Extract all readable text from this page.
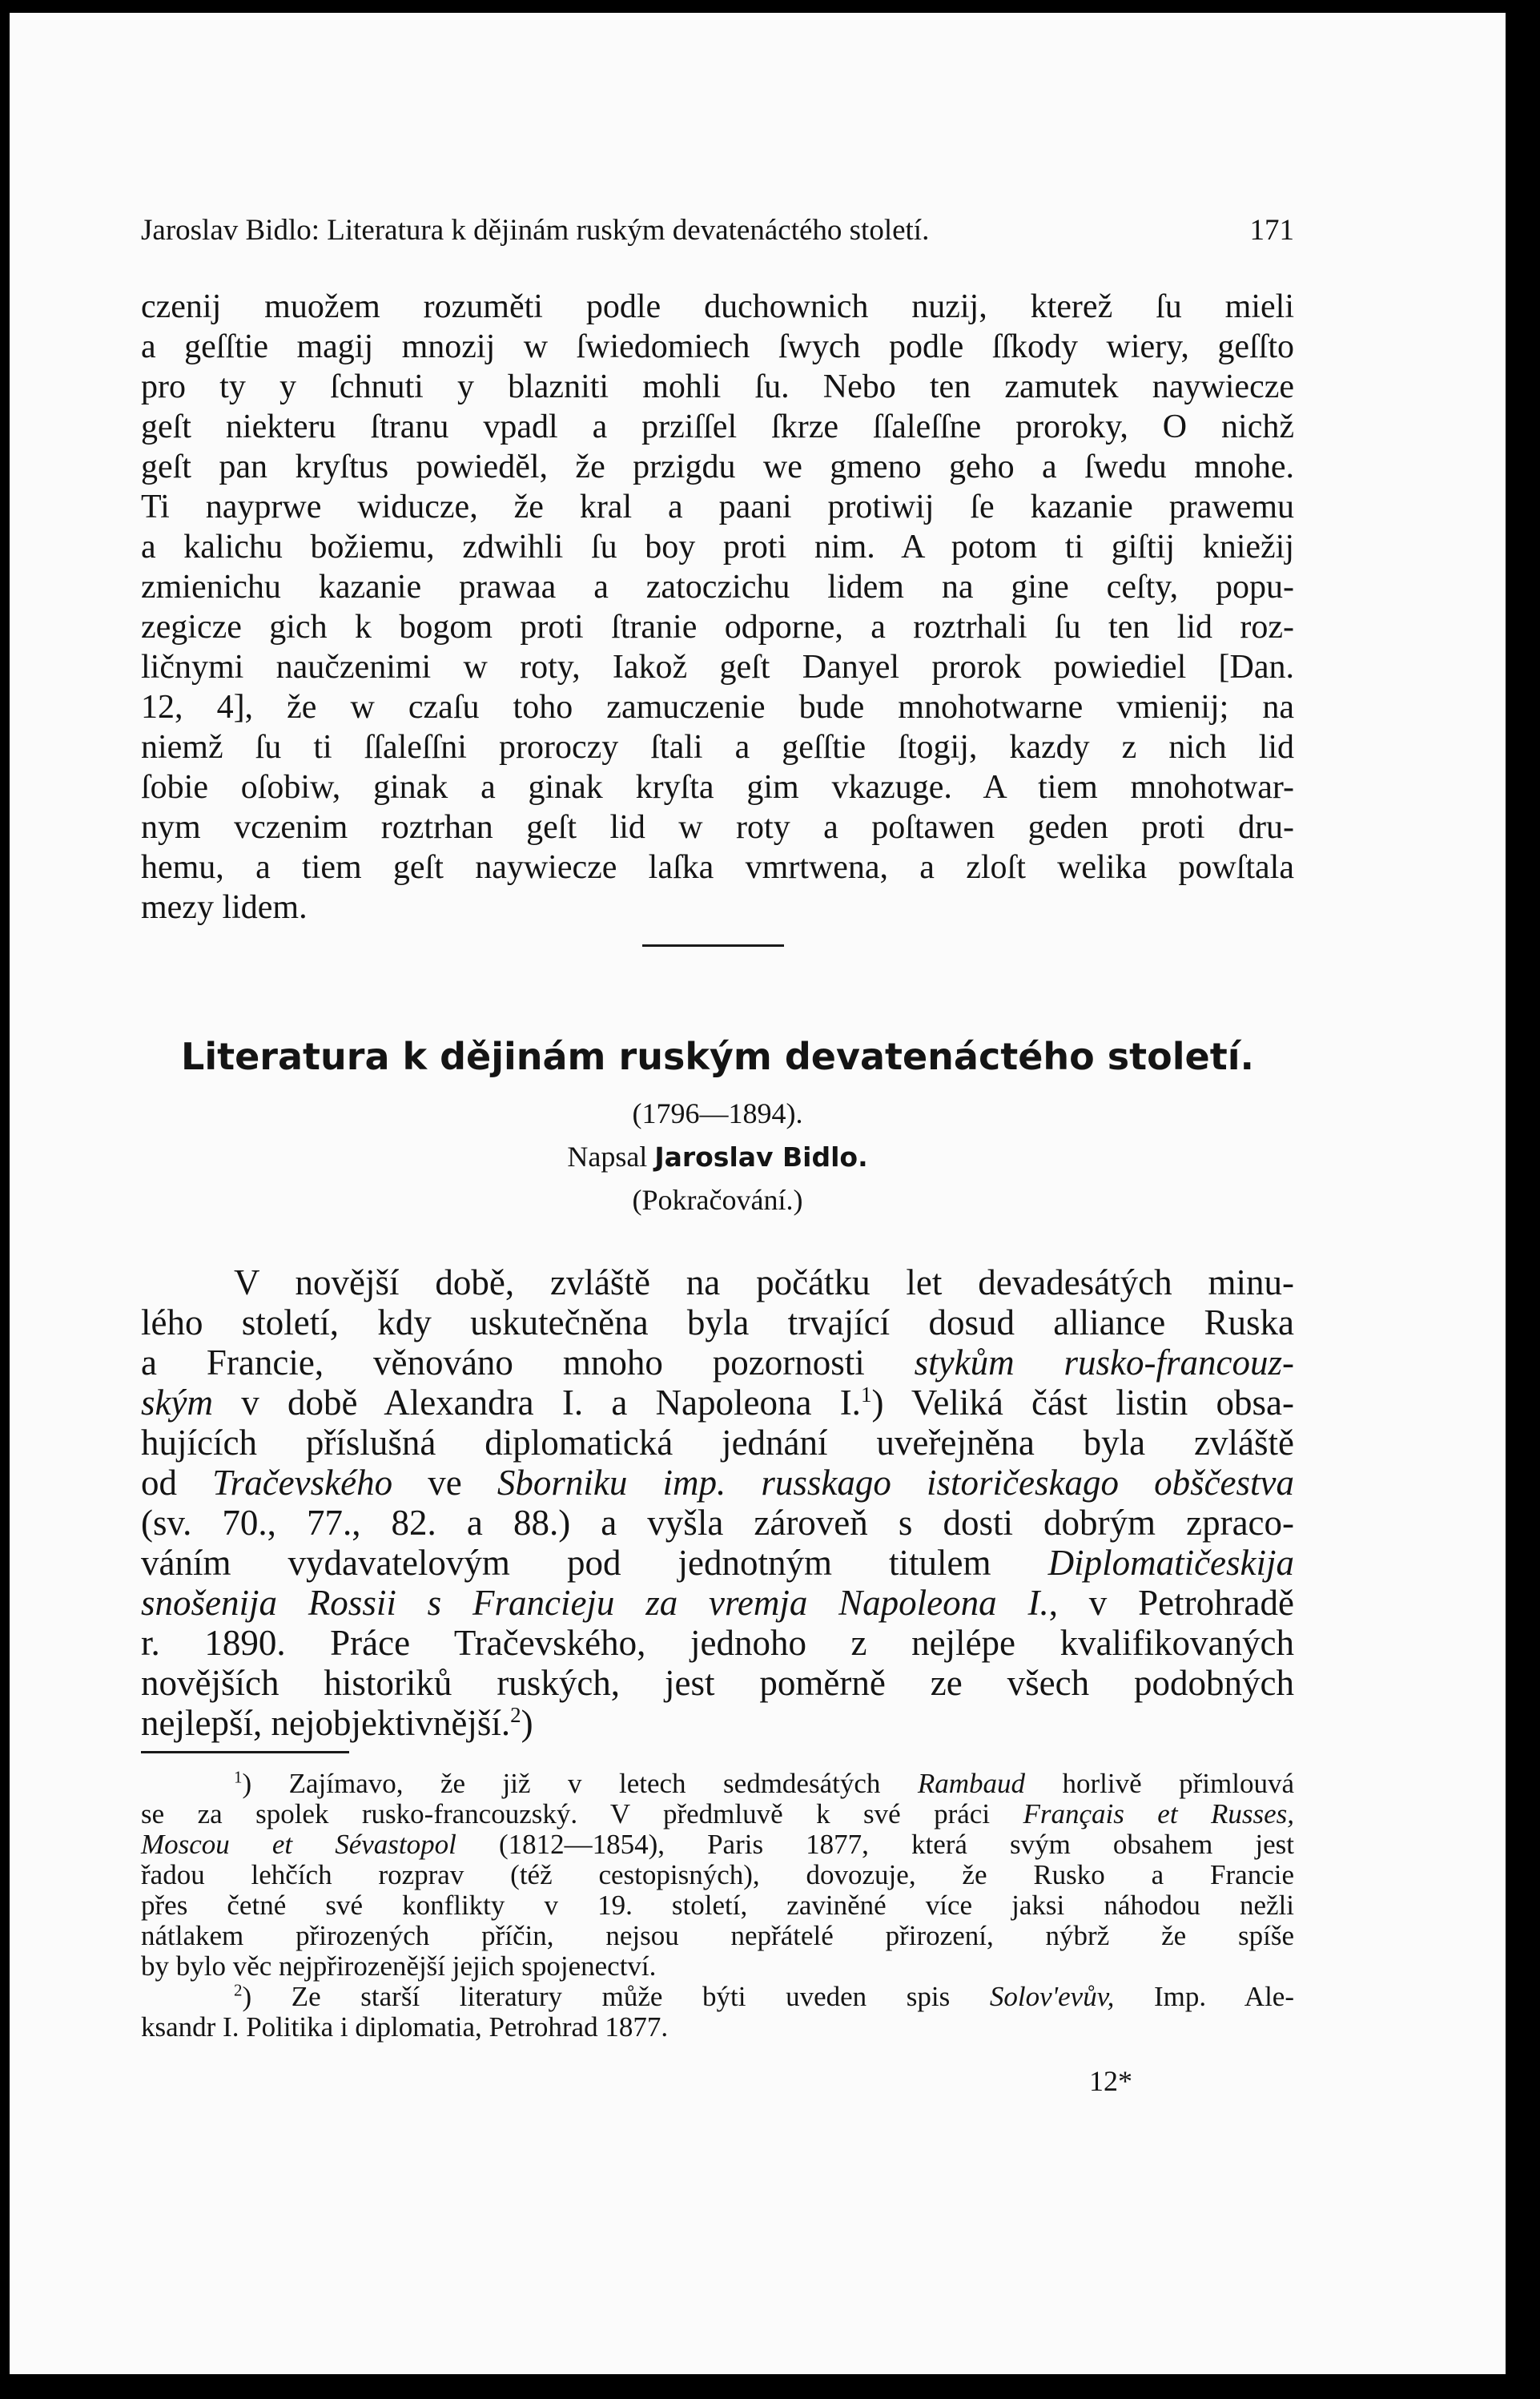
Jaroslav Bidlo: Literatura k dějinám ruským devatenáctého století.	171
czenij muožem rozuměti podle duchownich nuzij, kterež ſu mieli
a geſſtie magij mnozij w ſwiedomiech ſwych podle ſſkody wiery, geſſto
pro ty y ſchnuti y blazniti mohli ſu. Nebo ten zamutek naywiecze
geſt niekteru ſtranu vpadl a prziſſel ſkrze ſſaleſſne proroky, O nichž
geſt pan kryſtus powiedĕl, že przigdu we gmeno geho a ſwedu mnohe.
Ti nayprwe widucze, že kral a paani protiwij ſe kazanie prawemu
a kalichu božiemu, zdwihli ſu boy proti nim. A potom ti giſtij kniežij
zmienichu kazanie prawaa a zatoczichu lidem na gine ceſty, popu-
zegicze gich k bogom proti ſtranie odporne, a roztrhali ſu ten lid roz-
ličnymi naučzenimi w roty, Iakož geſt Danyel prorok powiediel [Dan.
12, 4], že w czaſu toho zamuczenie bude mnohotwarne vmienij; na
niemž ſu ti ſſaleſſni proroczy ſtali a geſſtie ſtogij, kazdy z nich lid
ſobie oſobiw, ginak a ginak kryſta gim vkazuge. A tiem mnohotwar-
nym vczenim roztrhan geſt lid w roty a poſtawen geden proti dru-
hemu, a tiem geſt naywiecze laſka vmrtwena, a zloſt welika powſtala
mezy lidem.
Literatura k dějinám ruským devatenáctého století.
(1796—1894).
Napsal Jaroslav Bidlo.
(Pokračování.)
V novější době, zvláště na počátku let devadesátých minu-
lého století, kdy uskutečněna byla trvající dosud alliance Ruska
a Francie, věnováno mnoho pozornosti stykům rusko-francouz-
ským v době Alexandra I. a Napoleona I.$^1$) Veliká část listin obsa-
hujících příslušná diplomatická jednání uveřejněna byla zvláště
od Tračevského ve Sborniku imp. russkago istoričeskago obščestva
(sv. 70., 77., 82. a 88.) a vyšla zároveň s dosti dobrým zpraco-
váním vydavatelovým pod jednotným titulem Diplomatičeskija
snošenija Rossii s Francieju za vremja Napoleona I., v Petrohradě
r. 1890. Práce Tračevského, jednoho z nejlépe kvalifikovaných
novějších historiků ruských, jest poměrně ze všech podobných
nejlepší, nejobjektivnější.$^2$)
$^1$) Zajímavo, že již v letech sedmdesátých Rambaud horlivě přimlouvá
se za spolek rusko-francouzský. V předmluvě k své práci Français et Russes,
Moscou et Sévastopol (1812—1854), Paris 1877, která svým obsahem jest
řadou lehčích rozprav (též cestopisných), dovozuje, že Rusko a Francie
přes četné své konflikty v 19. století, zaviněné více jaksi náhodou nežli
nátlakem přirozených příčin, nejsou nepřátelé přirození, nýbrž že spíše
by bylo věc nejpřirozenější jejich spojenectví.
$^2$) Ze starší literatury může býti uveden spis Solov'evův, Imp. Ale-
ksandr I. Politika i diplomatia, Petrohrad 1877.
12*
